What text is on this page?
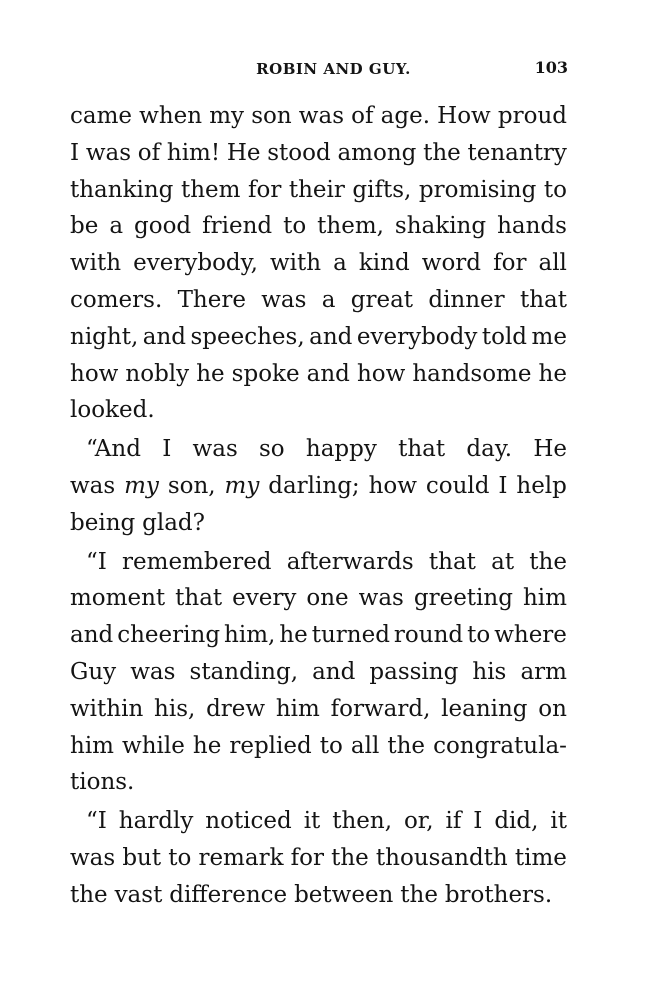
ROBIN AND GUY.	103
came when my son was of age. How proud
I was of him! He stood among the tenantry
thanking them for their gifts, promising to
be a good friend to them, shaking hands
with everybody, with a kind word for all
comers. There was a great dinner that
night, and speeches, and everybody told me
how nobly he spoke and how handsome he
looked.
“And I was so happy that day. He
was my son, my darling; how could I help
being glad?
“I remembered afterwards that at the
moment that every one was greeting him
and cheering him, he turned round to where
Guy was standing, and passing his arm
within his, drew him forward, leaning on
him while he replied to all the congratula-
tions.
“I hardly noticed it then, or, if I did, it
was but to remark for the thousandth time
the vast difference between the brothers.
